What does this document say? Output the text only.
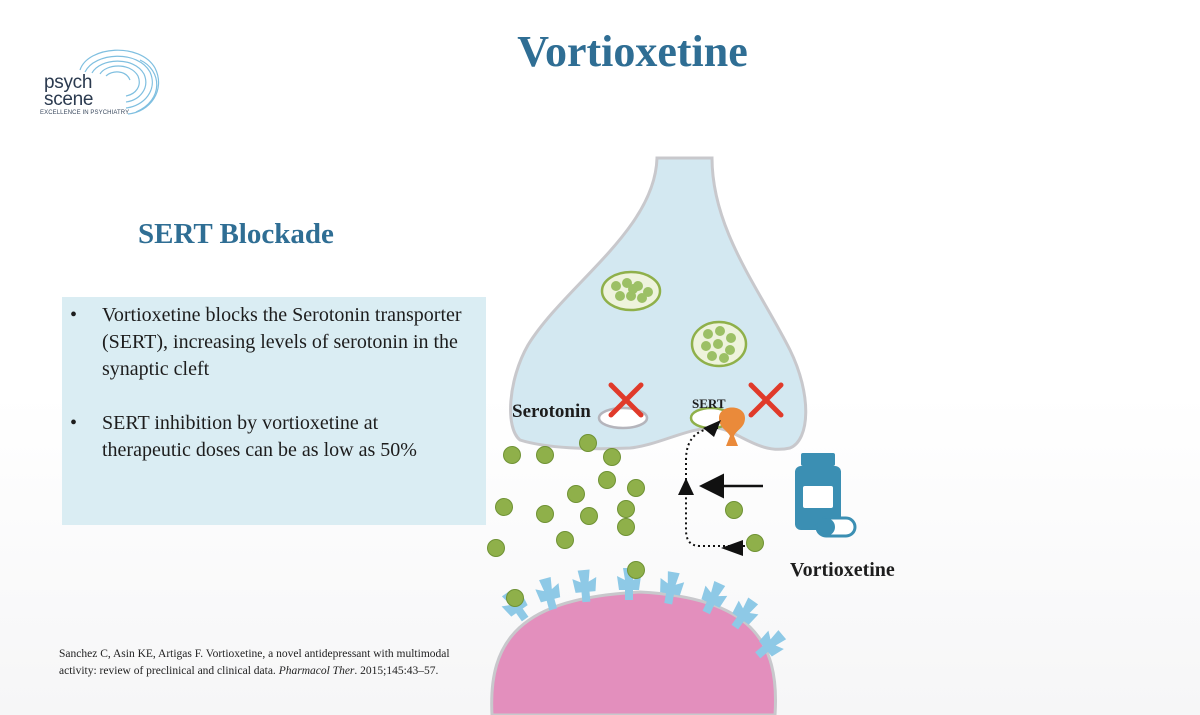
psych
scene
EXCELLENCE IN PSYCHIATRY
Vortioxetine
SERT Blockade
• Vortioxetine blocks the Serotonin transporter (SERT), increasing levels of serotonin in the synaptic cleft
• SERT inhibition by vortioxetine at therapeutic doses can be as low as 50%
Serotonin	SERT
Vortioxetine
Sanchez C, Asin KE, Artigas F. Vortioxetine, a novel antidepressant with multimodal activity: review of preclinical and clinical data. Pharmacol Ther. 2015;145:43–57.
